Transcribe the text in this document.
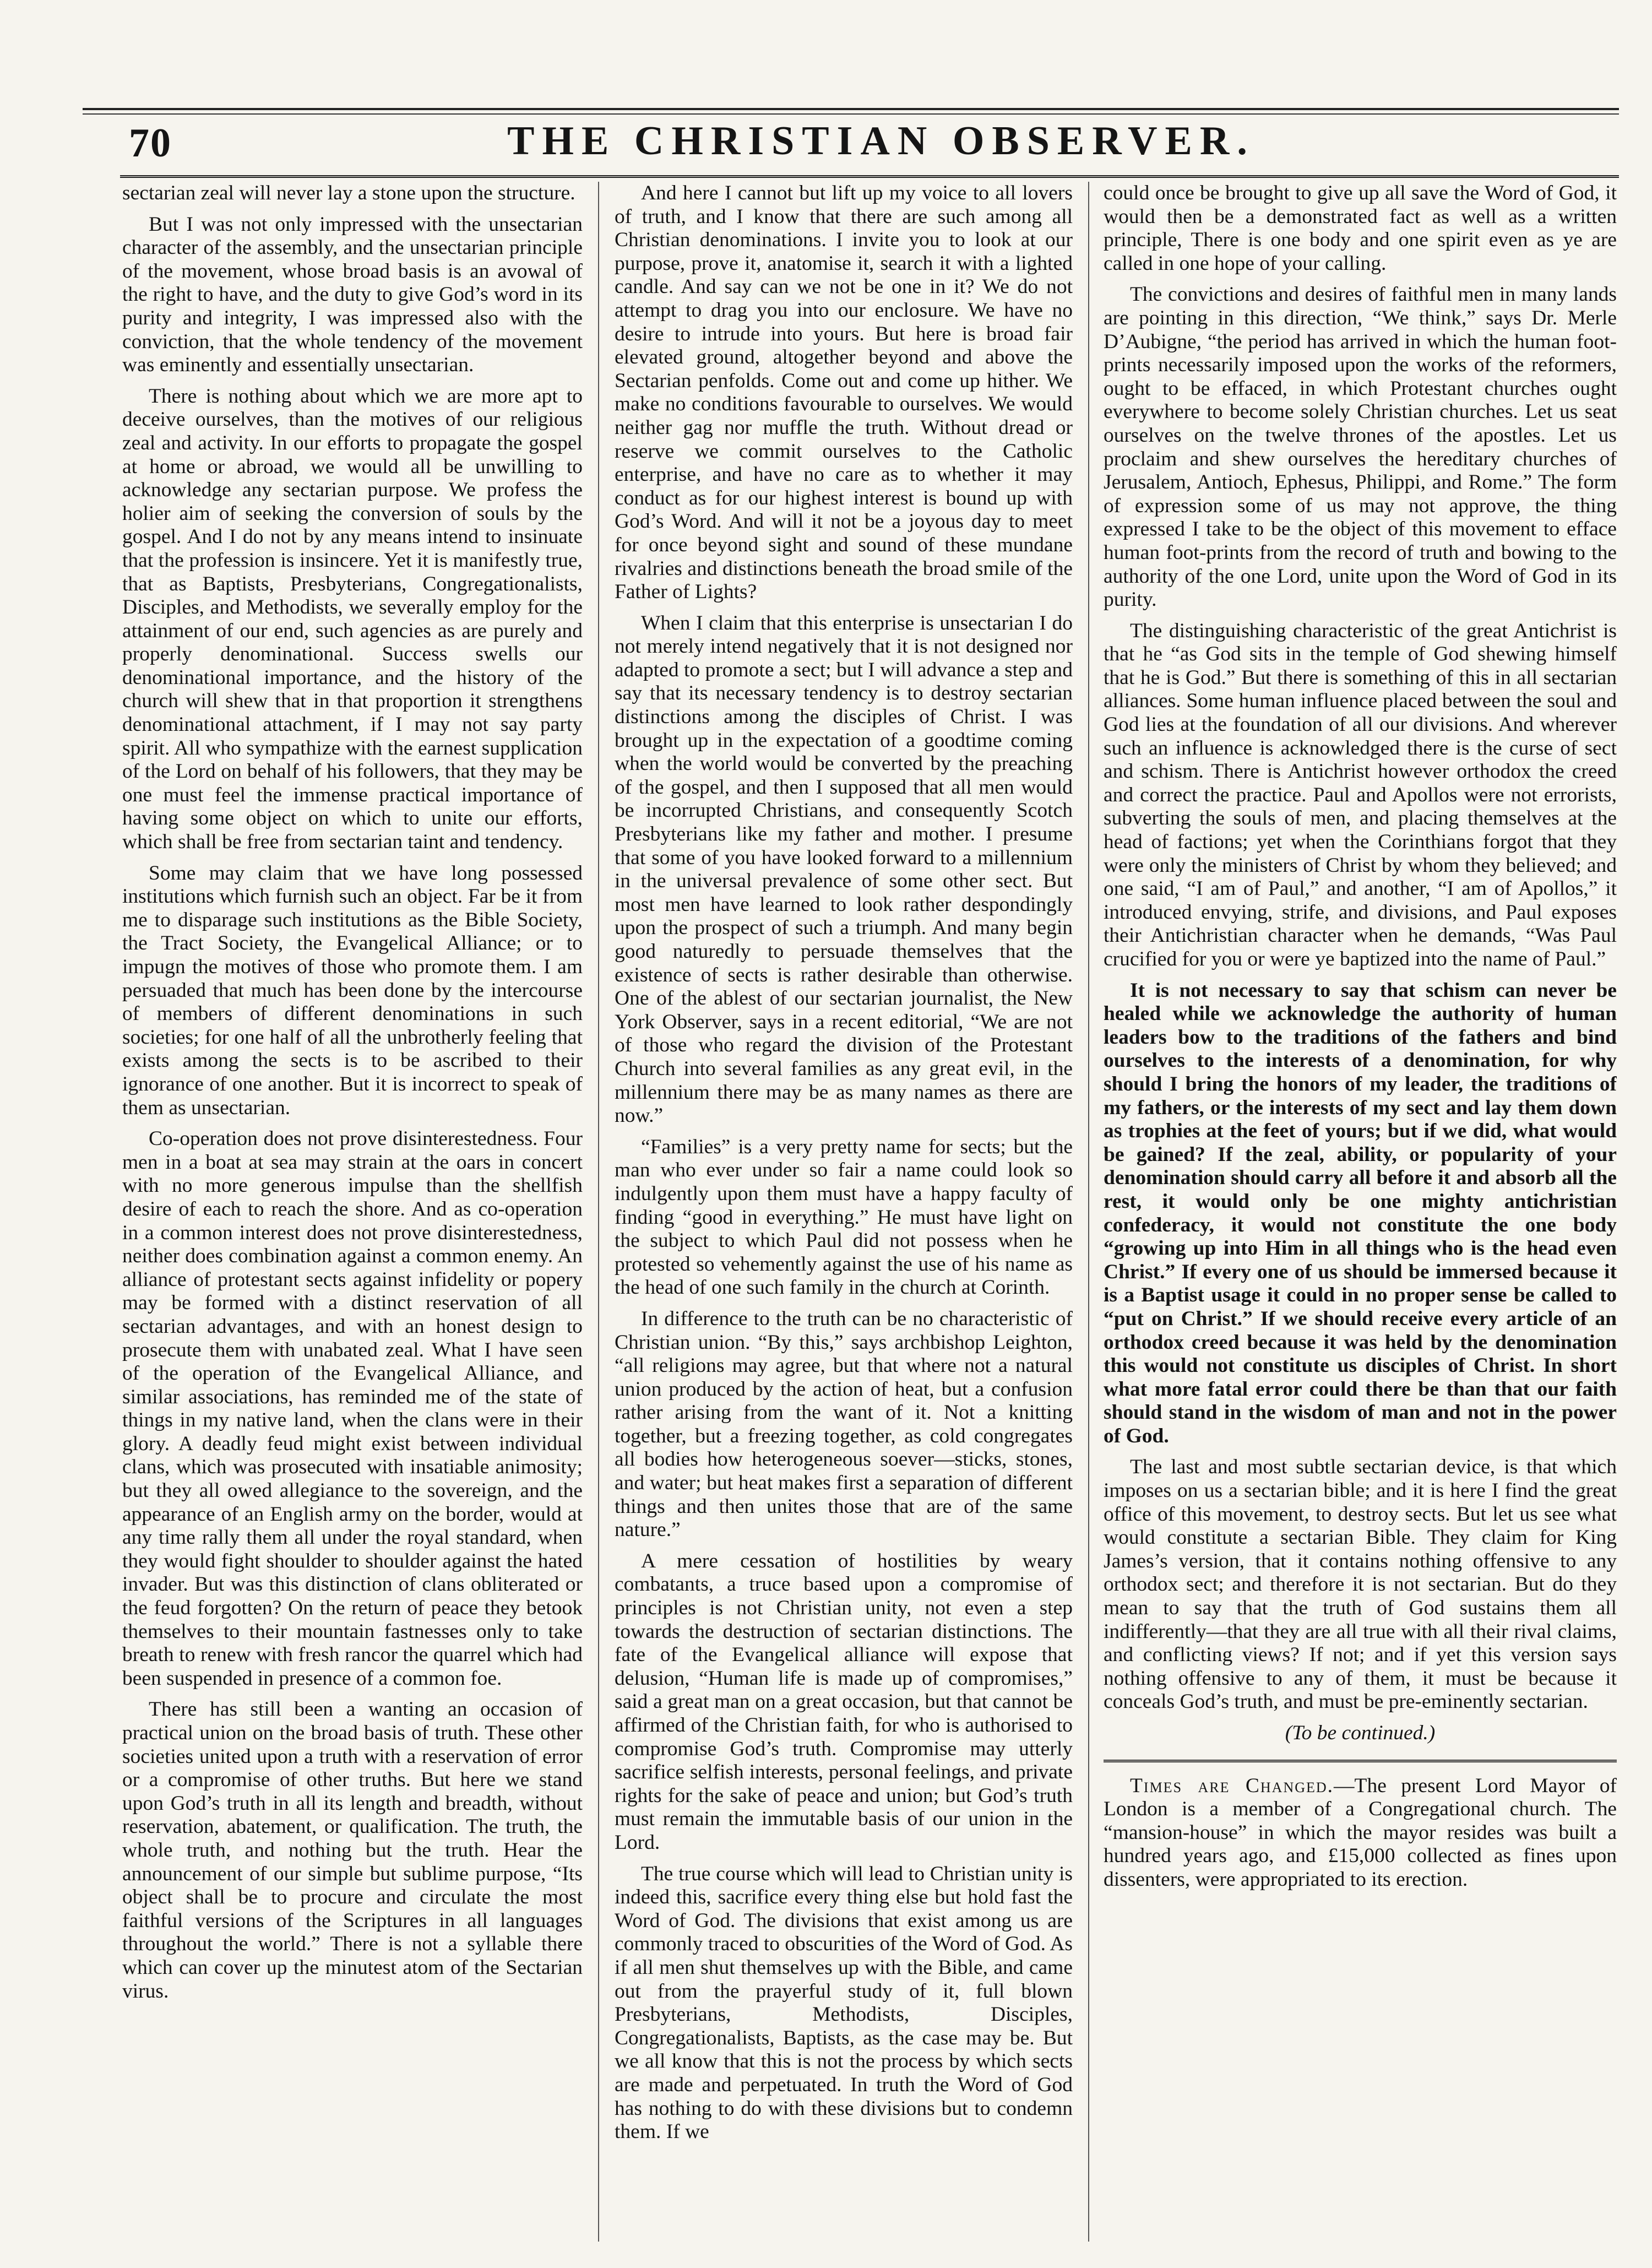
70	THE CHRISTIAN OBSERVER.

sectarian zeal will never lay a stone upon the structure.

But I was not only impressed with the unsectarian character of the assembly, and the unsectarian principle of the movement, whose broad basis is an avowal of the right to have, and the duty to give God’s word in its purity and integrity, I was impressed also with the conviction, that the whole tendency of the movement was eminently and essentially unsectarian.

There is nothing about which we are more apt to deceive ourselves, than the motives of our religious zeal and activity. In our efforts to propagate the gospel at home or abroad, we would all be unwilling to acknowledge any sectarian purpose. We profess the holier aim of seeking the conversion of souls by the gospel. And I do not by any means intend to insinuate that the profession is insincere. Yet it is manifestly true, that as Baptists, Presbyterians, Congregationalists, Disciples, and Methodists, we severally employ for the attainment of our end, such agencies as are purely and properly denominational. Success swells our denominational importance, and the history of the church will shew that in that proportion it strengthens denominational attachment, if I may not say party spirit. All who sympathize with the earnest supplication of the Lord on behalf of his followers, that they may be one must feel the immense practical importance of having some object on which to unite our efforts, which shall be free from sectarian taint and tendency.

Some may claim that we have long possessed institutions which furnish such an object. Far be it from me to disparage such institutions as the Bible Society, the Tract Society, the Evangelical Alliance; or to impugn the motives of those who promote them. I am persuaded that much has been done by the intercourse of members of different denominations in such societies; for one half of all the unbrotherly feeling that exists among the sects is to be ascribed to their ignorance of one another. But it is incorrect to speak of them as unsectarian.

Co-operation does not prove disinterestedness. Four men in a boat at sea may strain at the oars in concert with no more generous impulse than the shellfish desire of each to reach the shore. And as co-operation in a common interest does not prove disinterestedness, neither does combination against a common enemy. An alliance of protestant sects against infidelity or popery may be formed with a distinct reservation of all sectarian advantages, and with an honest design to prosecute them with unabated zeal. What I have seen of the operation of the Evangelical Alliance, and similar associations, has reminded me of the state of things in my native land, when the clans were in their glory. A deadly feud might exist between individual clans, which was prosecuted with insatiable animosity; but they all owed allegiance to the sovereign, and the appearance of an English army on the border, would at any time rally them all under the royal standard, when they would fight shoulder to shoulder against the hated invader. But was this distinction of clans obliterated or the feud forgotten? On the return of peace they betook themselves to their mountain fastnesses only to take breath to renew with fresh rancor the quarrel which had been suspended in presence of a common foe.

There has still been a wanting an occasion of practical union on the broad basis of truth. These other societies united upon a truth with a reservation of error or a compromise of other truths. But here we stand upon God’s truth in all its length and breadth, without reservation, abatement, or qualification. The truth, the whole truth, and nothing but the truth. Hear the announcement of our simple but sublime purpose, “Its object shall be to procure and circulate the most faithful versions of the Scriptures in all languages throughout the world.” There is not a syllable there which can cover up the minutest atom of the Sectarian virus.

And here I cannot but lift up my voice to all lovers of truth, and I know that there are such among all Christian denominations. I invite you to look at our purpose, prove it, anatomise it, search it with a lighted candle. And say can we not be one in it? We do not attempt to drag you into our enclosure. We have no desire to intrude into yours. But here is broad fair elevated ground, altogether beyond and above the Sectarian penfolds. Come out and come up hither. We make no conditions favourable to ourselves. We would neither gag nor muffle the truth. Without dread or reserve we commit ourselves to the Catholic enterprise, and have no care as to whether it may conduct as for our highest interest is bound up with God’s Word. And will it not be a joyous day to meet for once beyond sight and sound of these mundane rivalries and distinctions beneath the broad smile of the Father of Lights?

When I claim that this enterprise is unsectarian I do not merely intend negatively that it is not designed nor adapted to promote a sect; but I will advance a step and say that its necessary tendency is to destroy sectarian distinctions among the disciples of Christ. I was brought up in the expectation of a goodtime coming when the world would be converted by the preaching of the gospel, and then I supposed that all men would be incorrupted Christians, and consequently Scotch Presbyterians like my father and mother. I presume that some of you have looked forward to a millennium in the universal prevalence of some other sect. But most men have learned to look rather despondingly upon the prospect of such a triumph. And many begin good naturedly to persuade themselves that the existence of sects is rather desirable than otherwise. One of the ablest of our sectarian journalist, the New York Observer, says in a recent editorial, “We are not of those who regard the division of the Protestant Church into several families as any great evil, in the millennium there may be as many names as there are now.”

“Families” is a very pretty name for sects; but the man who ever under so fair a name could look so indulgently upon them must have a happy faculty of finding “good in everything.” He must have light on the subject to which Paul did not possess when he protested so vehemently against the use of his name as the head of one such family in the church at Corinth.

In difference to the truth can be no characteristic of Christian union. “By this,” says archbishop Leighton, “all religions may agree, but that where not a natural union produced by the action of heat, but a confusion rather arising from the want of it. Not a knitting together, but a freezing together, as cold congregates all bodies how heterogeneous soever—sticks, stones, and water; but heat makes first a separation of different things and then unites those that are of the same nature.”

A mere cessation of hostilities by weary combatants, a truce based upon a compromise of principles is not Christian unity, not even a step towards the destruction of sectarian distinctions. The fate of the Evangelical alliance will expose that delusion, “Human life is made up of compromises,” said a great man on a great occasion, but that cannot be affirmed of the Christian faith, for who is authorised to compromise God’s truth. Compromise may utterly sacrifice selfish interests, personal feelings, and private rights for the sake of peace and union; but God’s truth must remain the immutable basis of our union in the Lord.

The true course which will lead to Christian unity is indeed this, sacrifice every thing else but hold fast the Word of God. The divisions that exist among us are commonly traced to obscurities of the Word of God. As if all men shut themselves up with the Bible, and came out from the prayerful study of it, full blown Presbyterians, Methodists, Disciples, Congregationalists, Baptists, as the case may be. But we all know that this is not the process by which sects are made and perpetuated. In truth the Word of God has nothing to do with these divisions but to condemn them. If we

could once be brought to give up all save the Word of God, it would then be a demonstrated fact as well as a written principle, There is one body and one spirit even as ye are called in one hope of your calling.

The convictions and desires of faithful men in many lands are pointing in this direction, “We think,” says Dr. Merle D’Aubigne, “the period has arrived in which the human foot-prints necessarily imposed upon the works of the reformers, ought to be effaced, in which Protestant churches ought everywhere to become solely Christian churches. Let us seat ourselves on the twelve thrones of the apostles. Let us proclaim and shew ourselves the hereditary churches of Jerusalem, Antioch, Ephesus, Philippi, and Rome.” The form of expression some of us may not approve, the thing expressed I take to be the object of this movement to efface human foot-prints from the record of truth and bowing to the authority of the one Lord, unite upon the Word of God in its purity.

The distinguishing characteristic of the great Antichrist is that he “as God sits in the temple of God shewing himself that he is God.” But there is something of this in all sectarian alliances. Some human influence placed between the soul and God lies at the foundation of all our divisions. And wherever such an influence is acknowledged there is the curse of sect and schism. There is Antichrist however orthodox the creed and correct the practice. Paul and Apollos were not errorists, subverting the souls of men, and placing themselves at the head of factions; yet when the Corinthians forgot that they were only the ministers of Christ by whom they believed; and one said, “I am of Paul,” and another, “I am of Apollos,” it introduced envying, strife, and divisions, and Paul exposes their Antichristian character when he demands, “Was Paul crucified for you or were ye baptized into the name of Paul.”

It is not necessary to say that schism can never be healed while we acknowledge the authority of human leaders bow to the traditions of the fathers and bind ourselves to the interests of a denomination, for why should I bring the honors of my leader, the traditions of my fathers, or the interests of my sect and lay them down as trophies at the feet of yours; but if we did, what would be gained? If the zeal, ability, or popularity of your denomination should carry all before it and absorb all the rest, it would only be one mighty antichristian confederacy, it would not constitute the one body “growing up into Him in all things who is the head even Christ.” If every one of us should be immersed because it is a Baptist usage it could in no proper sense be called to “put on Christ.” If we should receive every article of an orthodox creed because it was held by the denomination this would not constitute us disciples of Christ. In short what more fatal error could there be than that our faith should stand in the wisdom of man and not in the power of God.

The last and most subtle sectarian device, is that which imposes on us a sectarian bible; and it is here I find the great office of this movement, to destroy sects. But let us see what would constitute a sectarian Bible. They claim for King James’s version, that it contains nothing offensive to any orthodox sect; and therefore it is not sectarian. But do they mean to say that the truth of God sustains them all indifferently—that they are all true with all their rival claims, and conflicting views? If not; and if yet this version says nothing offensive to any of them, it must be because it conceals God’s truth, and must be pre-eminently sectarian.

(To be continued.)

Times are Changed.—The present Lord Mayor of London is a member of a Congregational church. The “mansion-house” in which the mayor resides was built a hundred years ago, and £15,000 collected as fines upon dissenters, were appropriated to its erection.
